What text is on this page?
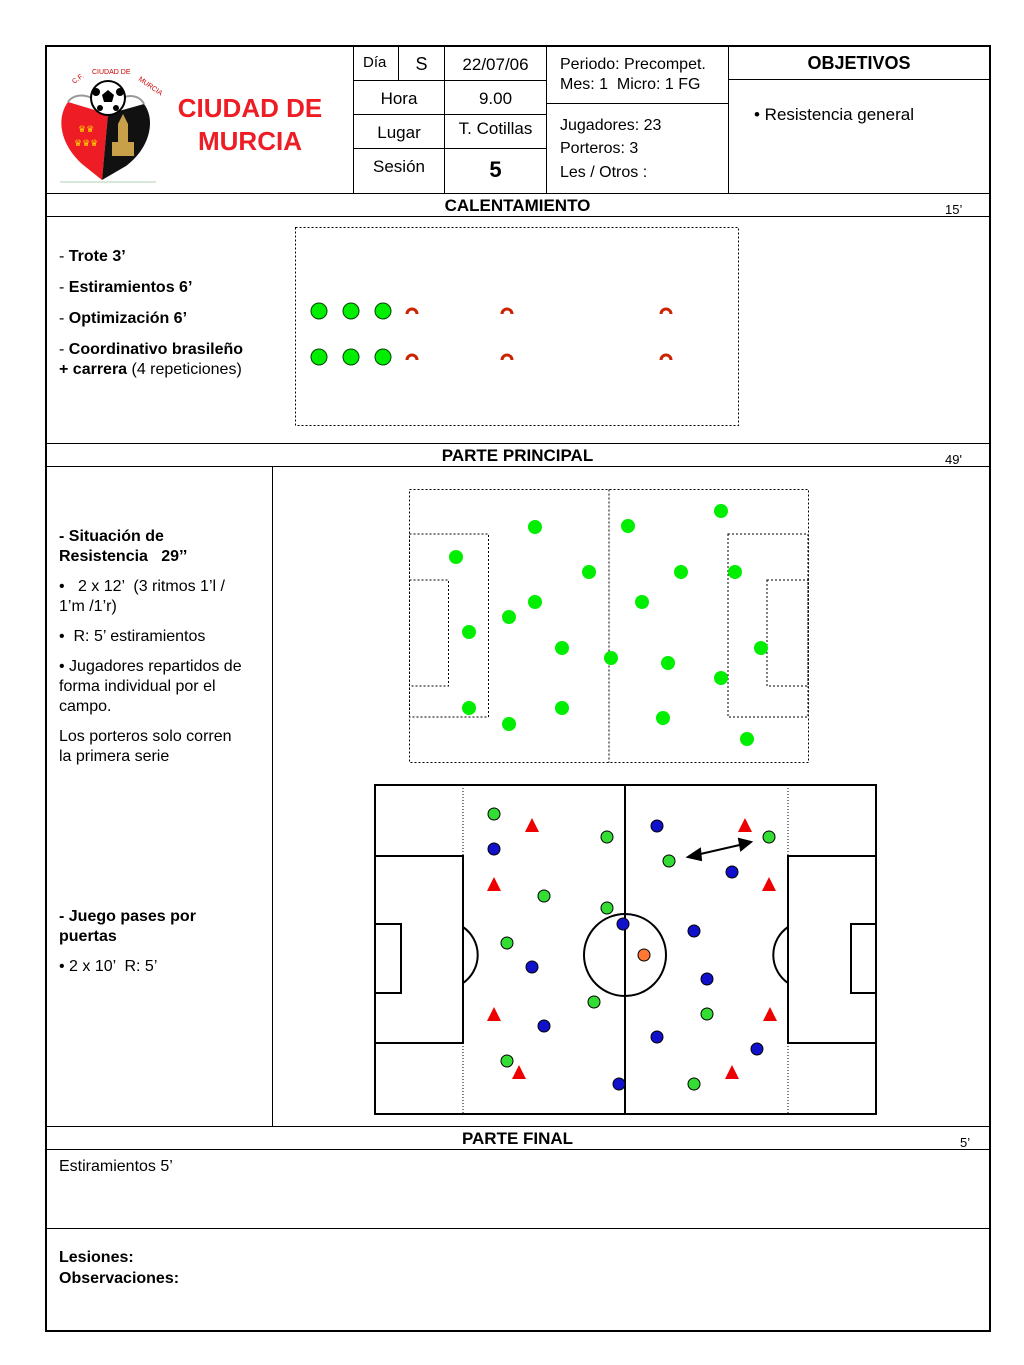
C.F.
CIUDAD DE
MURCIA
♛♛
♛♛♛
CIUDAD DE
MURCIA
Día	S	22/07/06
Hora	9.00
Lugar	T. Cotillas
Sesión	5
Periodo: Precompet.
Mes: 1  Micro: 1 FG
Jugadores: 23
Porteros: 3
Les / Otros :
OBJETIVOS
• Resistencia general
CALENTAMIENTO	15’
- Trote 3’
- Estiramientos 6’
- Optimización 6’
- Coordinativo brasileño
+ carrera (4 repeticiones)
PARTE PRINCIPAL	49'
- Situación de
Resistencia   29’’
•   2 x 12’  (3 ritmos 1’l /
1’m /1’r)
•  R: 5’ estiramientos
• Jugadores repartidos de
forma individual por el
campo.
Los porteros solo corren
la primera serie
- Juego pases por
puertas
• 2 x 10’  R: 5’
PARTE FINAL	5’
Estiramientos 5’
Lesiones:
Observaciones:
